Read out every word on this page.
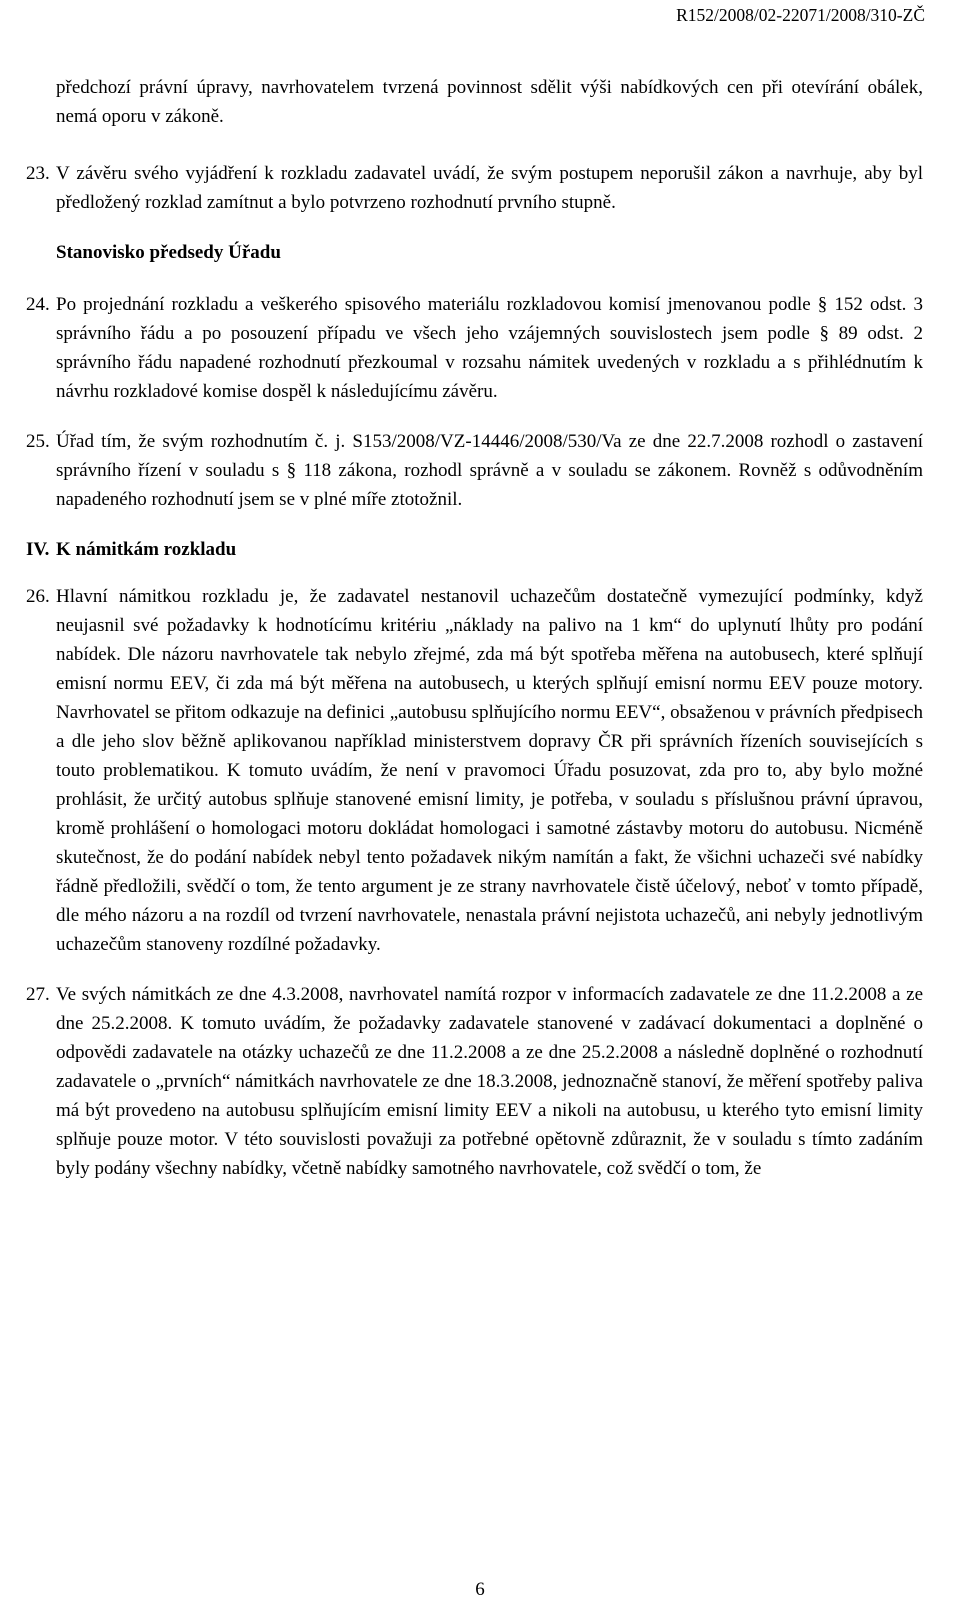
R152/2008/02-22071/2008/310-ZČ
předchozí právní úpravy, navrhovatelem tvrzená povinnost sdělit výši nabídkových cen při otevírání obálek, nemá oporu v zákoně.
23. V závěru svého vyjádření k rozkladu zadavatel uvádí, že svým postupem neporušil zákon a navrhuje, aby byl předložený rozklad zamítnut a bylo potvrzeno rozhodnutí prvního stupně.
Stanovisko předsedy Úřadu
24. Po projednání rozkladu a veškerého spisového materiálu rozkladovou komisí jmenovanou podle § 152 odst. 3 správního řádu a po posouzení případu ve všech jeho vzájemných souvislostech jsem podle § 89 odst. 2 správního řádu napadené rozhodnutí přezkoumal v rozsahu námitek uvedených v rozkladu a s přihlédnutím k návrhu rozkladové komise dospěl k následujícímu závěru.
25. Úřad tím, že svým rozhodnutím č. j. S153/2008/VZ-14446/2008/530/Va ze dne 22.7.2008 rozhodl o zastavení správního řízení v souladu s § 118 zákona, rozhodl správně a v souladu se zákonem. Rovněž s odůvodněním napadeného rozhodnutí jsem se v plné míře ztotožnil.
IV. K námitkám rozkladu
26. Hlavní námitkou rozkladu je, že zadavatel nestanovil uchazečům dostatečně vymezující podmínky, když neujasnil své požadavky k hodnotícímu kritériu „náklady na palivo na 1 km“ do uplynutí lhůty pro podání nabídek. Dle názoru navrhovatele tak nebylo zřejmé, zda má být spotřeba měřena na autobusech, které splňují emisní normu EEV, či zda má být měřena na autobusech, u kterých splňují emisní normu EEV pouze motory. Navrhovatel se přitom odkazuje na definici „autobusu splňujícího normu EEV“, obsaženou v právních předpisech a dle jeho slov běžně aplikovanou například ministerstvem dopravy ČR při správních řízeních souvisejících s touto problematikou. K tomuto uvádím, že není v pravomoci Úřadu posuzovat, zda pro to, aby bylo možné prohlásit, že určitý autobus splňuje stanovené emisní limity, je potřeba, v souladu s příslušnou právní úpravou, kromě prohlášení o homologaci motoru dokládat homologaci i samotné zástavby motoru do autobusu. Nicméně skutečnost, že do podání nabídek nebyl tento požadavek nikým namítán a fakt, že všichni uchazeči své nabídky řádně předložili, svědčí o tom, že tento argument je ze strany navrhovatele čistě účelový, neboť v tomto případě, dle mého názoru a na rozdíl od tvrzení navrhovatele, nenastala právní nejistota uchazečů, ani nebyly jednotlivým uchazečům stanoveny rozdílné požadavky.
27. Ve svých námitkách ze dne 4.3.2008, navrhovatel namítá rozpor v informacích zadavatele ze dne 11.2.2008 a ze dne 25.2.2008. K tomuto uvádím, že požadavky zadavatele stanovené v zadávací dokumentaci a doplněné o odpovědi zadavatele na otázky uchazečů ze dne 11.2.2008 a ze dne 25.2.2008 a následně doplněné o rozhodnutí zadavatele o „prvních“ námitkách navrhovatele ze dne 18.3.2008, jednoznačně stanoví, že měření spotřeby paliva má být provedeno na autobusu splňujícím emisní limity EEV a nikoli na autobusu, u kterého tyto emisní limity splňuje pouze motor. V této souvislosti považuji za potřebné opětovně zdůraznit, že v souladu s tímto zadáním byly podány všechny nabídky, včetně nabídky samotného navrhovatele, což svědčí o tom, že
6
